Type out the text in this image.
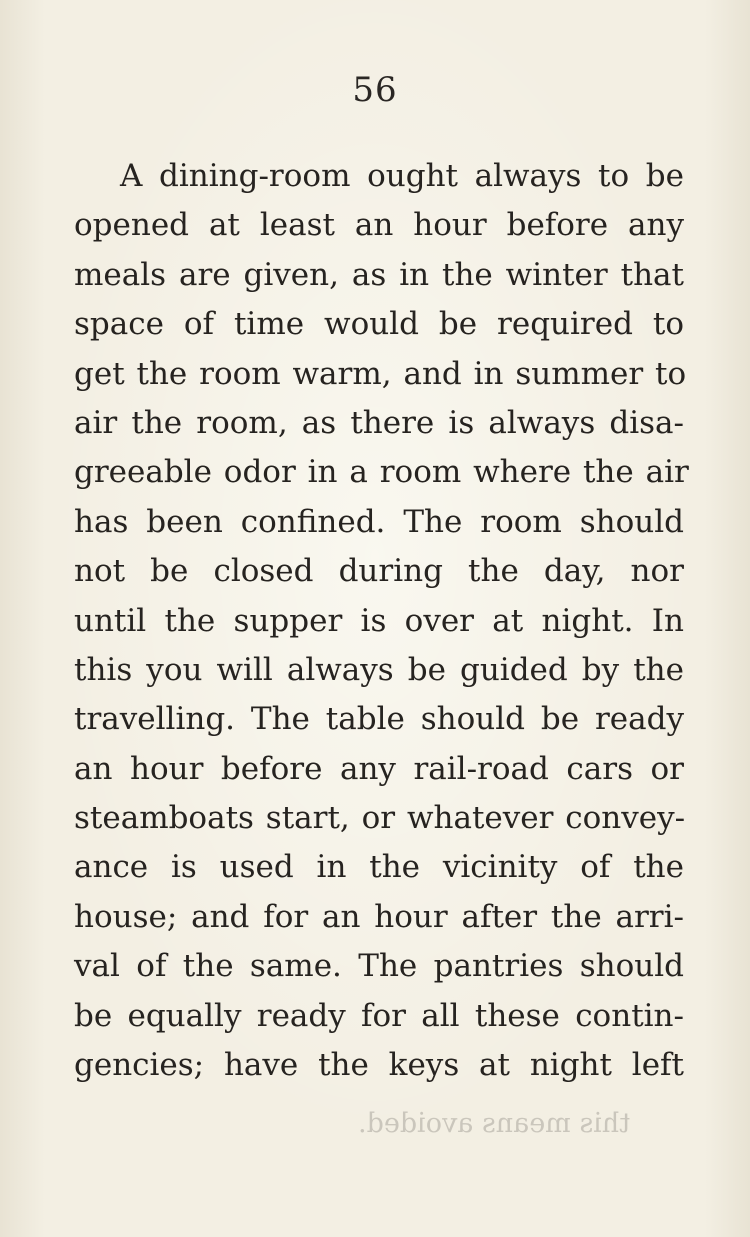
56
A dining-room ought always to be
opened at least an hour before any
meals are given, as in the winter that
space of time would be required to
get the room warm, and in summer to
air the room, as there is always disa-
greeable odor in a room where the air
has been confined. The room should
not be closed during the day, nor
until the supper is over at night. In
this you will always be guided by the
travelling. The table should be ready
an hour before any rail-road cars or
steamboats start, or whatever convey-
ance is used in the vicinity of the
house; and for an hour after the arri-
val of the same. The pantries should
be equally ready for all these contin-
gencies; have the keys at night left
this means avoided.
